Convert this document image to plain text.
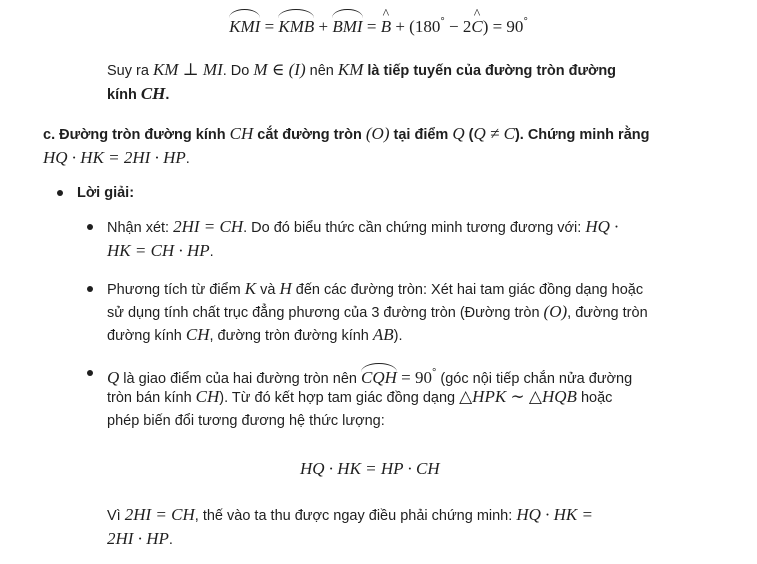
KMI = KMB + BMI = ^ B + (180° − 2^ C) = 90°
Suy ra KM ⊥ MI. Do M ∈ (I) nên KM là tiếp tuyến của đường tròn đường
kính CH.
c. Đường tròn đường kính CH cắt đường tròn (O) tại điểm Q (Q ≠ C). Chứng minh rằng
HQ · HK = 2HI · HP.
Lời giải:
Nhận xét: 2HI = CH. Do đó biểu thức cần chứng minh tương đương với: HQ ·
HK = CH · HP.
Phương tích từ điểm K và H đến các đường tròn: Xét hai tam giác đồng dạng hoặc
sử dụng tính chất trục đẳng phương của 3 đường tròn (Đường tròn (O), đường tròn
đường kính CH, đường tròn đường kính AB).
Q là giao điểm của hai đường tròn nên CQH = 90° (góc nội tiếp chắn nửa đường
tròn bán kính CH). Từ đó kết hợp tam giác đồng dạng △HPK ∼ △HQB hoặc
phép biến đổi tương đương hệ thức lượng:
HQ · HK = HP · CH
Vì 2HI = CH, thế vào ta thu được ngay điều phải chứng minh: HQ · HK =
2HI · HP.
